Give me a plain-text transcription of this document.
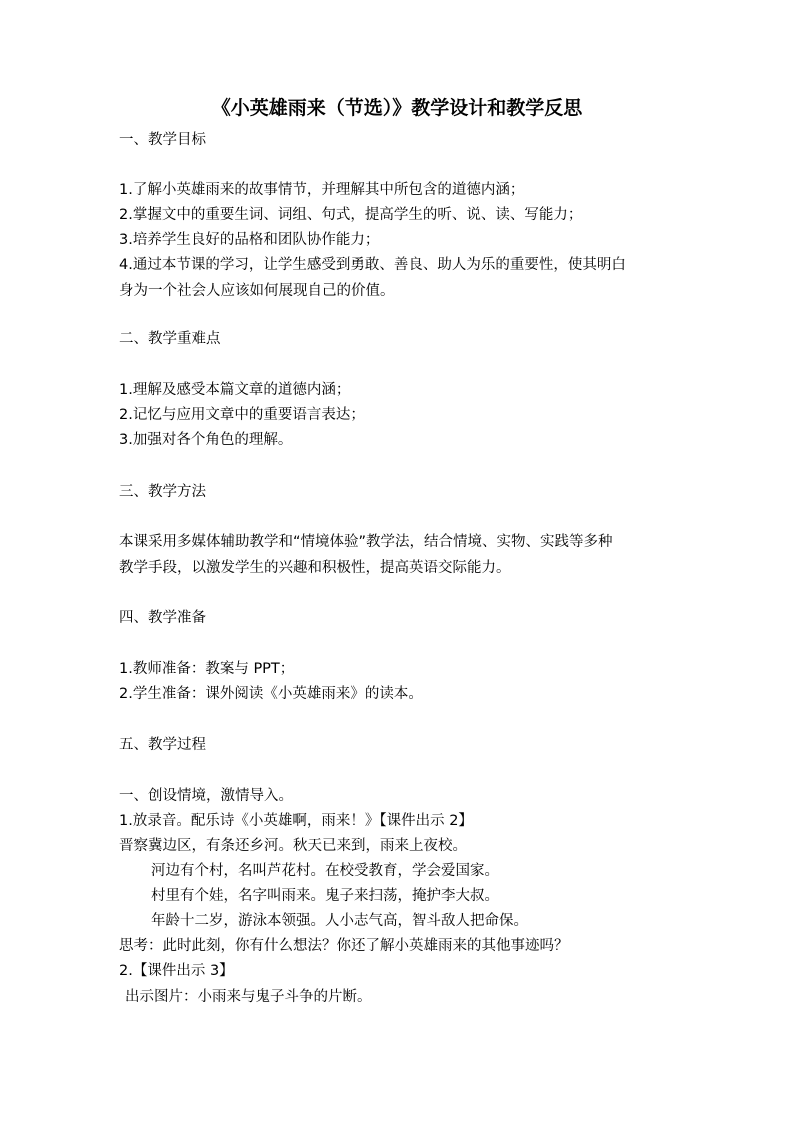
《小英雄雨来（节选）》教学设计和教学反思
一、教学目标
1.了解小英雄雨来的故事情节，并理解其中所包含的道德内涵；
2.掌握文中的重要生词、词组、句式，提高学生的听、说、读、写能力；
3.培养学生良好的品格和团队协作能力；
4.通过本节课的学习，让学生感受到勇敢、善良、助人为乐的重要性，使其明白
身为一个社会人应该如何展现自己的价值。
二、教学重难点
1.理解及感受本篇文章的道德内涵；
2.记忆与应用文章中的重要语言表达；
3.加强对各个角色的理解。
三、教学方法
本课采用多媒体辅助教学和“情境体验”教学法，结合情境、实物、实践等多种
教学手段，以激发学生的兴趣和积极性，提高英语交际能力。
四、教学准备
1.教师准备：教案与 PPT；
2.学生准备：课外阅读《小英雄雨来》的读本。
五、教学过程
一、创设情境，激情导入。
1.放录音。配乐诗《小英雄啊，雨来！》【课件出示 2】
晋察冀边区，有条还乡河。秋天已来到，雨来上夜校。
河边有个村，名叫芦花村。在校受教育，学会爱国家。
村里有个娃，名字叫雨来。鬼子来扫荡，掩护李大叔。
年龄十二岁，游泳本领强。人小志气高，智斗敌人把命保。
思考：此时此刻，你有什么想法？你还了解小英雄雨来的其他事迹吗？
2.【课件出示 3】
出示图片：小雨来与鬼子斗争的片断。
